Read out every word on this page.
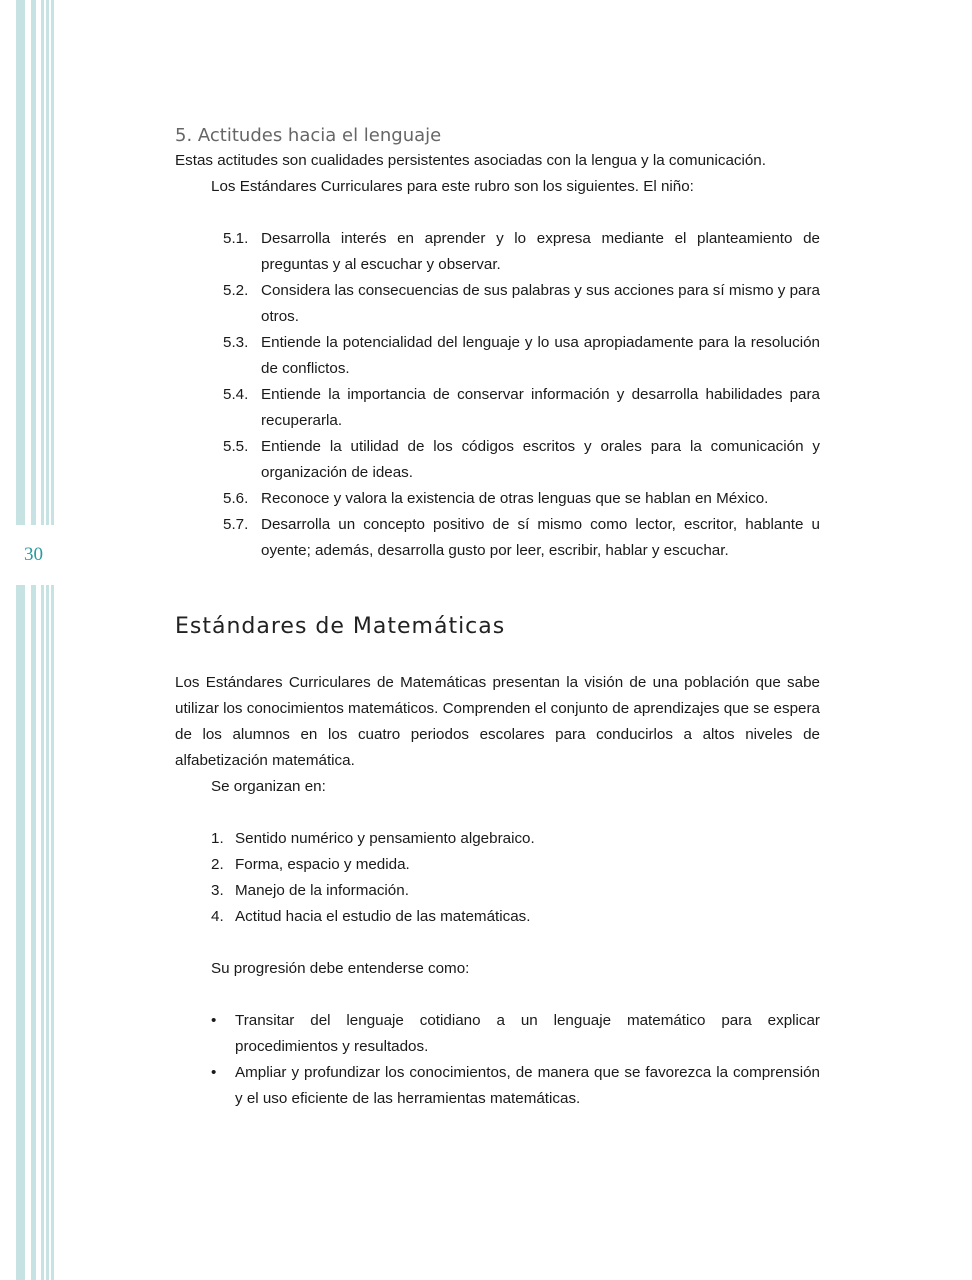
30
5. Actitudes hacia el lenguaje

Estas actitudes son cualidades persistentes asociadas con la lengua y la comunicación.

Los Estándares Curriculares para este rubro son los siguientes. El niño:

5.1. Desarrolla interés en aprender y lo expresa mediante el planteamiento de preguntas y al escuchar y observar.
5.2. Considera las consecuencias de sus palabras y sus acciones para sí mismo y para otros.
5.3. Entiende la potencialidad del lenguaje y lo usa apropiadamente para la resolución de conflictos.
5.4. Entiende la importancia de conservar información y desarrolla habilidades para recuperarla.
5.5. Entiende la utilidad de los códigos escritos y orales para la comunicación y organización de ideas.
5.6. Reconoce y valora la existencia de otras lenguas que se hablan en México.
5.7. Desarrolla un concepto positivo de sí mismo como lector, escritor, hablante u oyente; además, desarrolla gusto por leer, escribir, hablar y escuchar.
Estándares de Matemáticas

Los Estándares Curriculares de Matemáticas presentan la visión de una población que sabe utilizar los conocimientos matemáticos. Comprenden el conjunto de aprendizajes que se espera de los alumnos en los cuatro periodos escolares para conducirlos a altos niveles de alfabetización matemática.

Se organizan en:

1. Sentido numérico y pensamiento algebraico.
2. Forma, espacio y medida.
3. Manejo de la información.
4. Actitud hacia el estudio de las matemáticas.

Su progresión debe entenderse como:

•	Transitar del lenguaje cotidiano a un lenguaje matemático para explicar procedimientos y resultados.
•	Ampliar y profundizar los conocimientos, de manera que se favorezca la comprensión y el uso eficiente de las herramientas matemáticas.
